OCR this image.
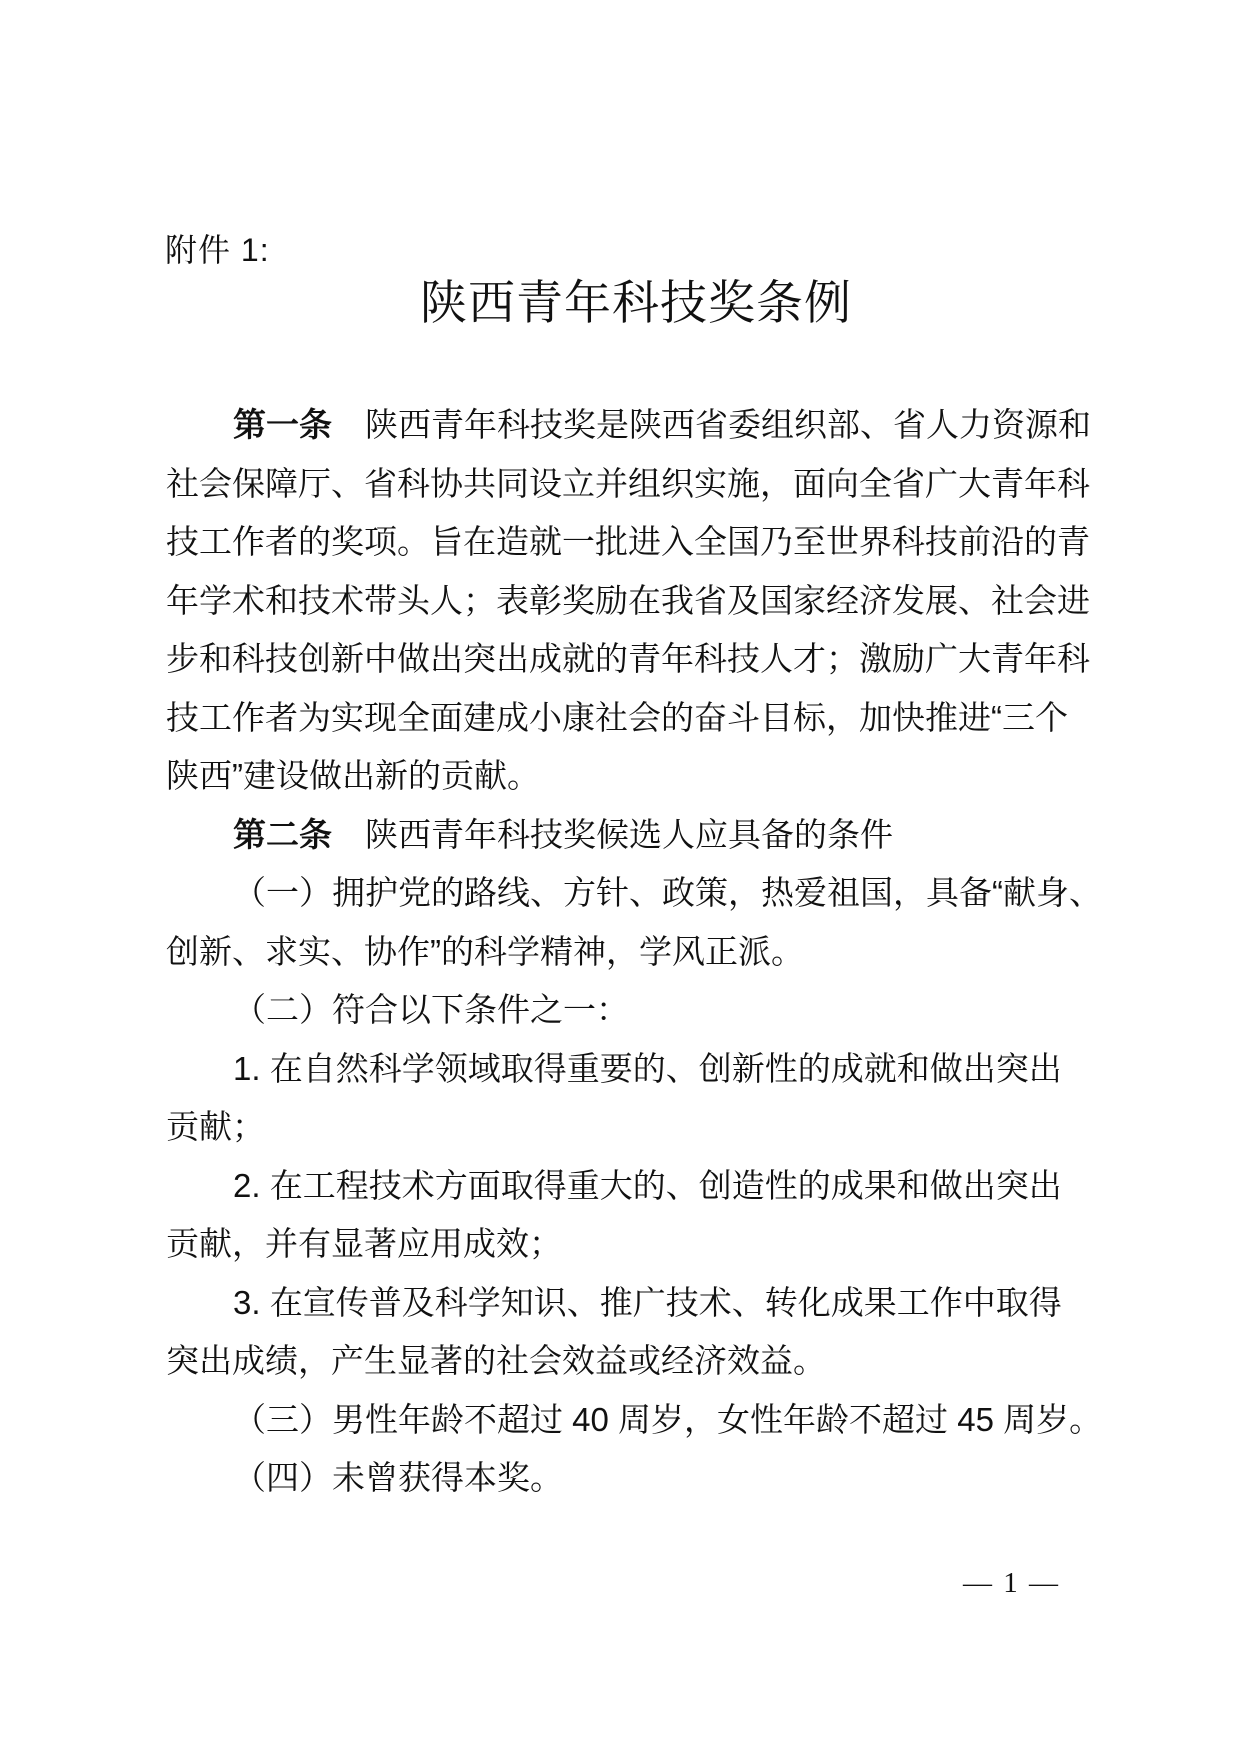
附件 1:
陕西青年科技奖条例
第一条　陕西青年科技奖是陕西省委组织部、省人力资源和
社会保障厅、省科协共同设立并组织实施，面向全省广大青年科
技工作者的奖项。旨在造就一批进入全国乃至世界科技前沿的青
年学术和技术带头人；表彰奖励在我省及国家经济发展、社会进
步和科技创新中做出突出成就的青年科技人才；激励广大青年科
技工作者为实现全面建成小康社会的奋斗目标，加快推进“三个
陕西”建设做出新的贡献。
第二条　陕西青年科技奖候选人应具备的条件
（一）拥护党的路线、方针、政策，热爱祖国，具备“献身、
创新、求实、协作”的科学精神，学风正派。
（二）符合以下条件之一：
1. 在自然科学领域取得重要的、创新性的成就和做出突出
贡献；
2. 在工程技术方面取得重大的、创造性的成果和做出突出
贡献，并有显著应用成效；
3. 在宣传普及科学知识、推广技术、转化成果工作中取得
突出成绩，产生显著的社会效益或经济效益。
（三）男性年龄不超过 40 周岁，女性年龄不超过 45 周岁。
（四）未曾获得本奖。
— 1 —
